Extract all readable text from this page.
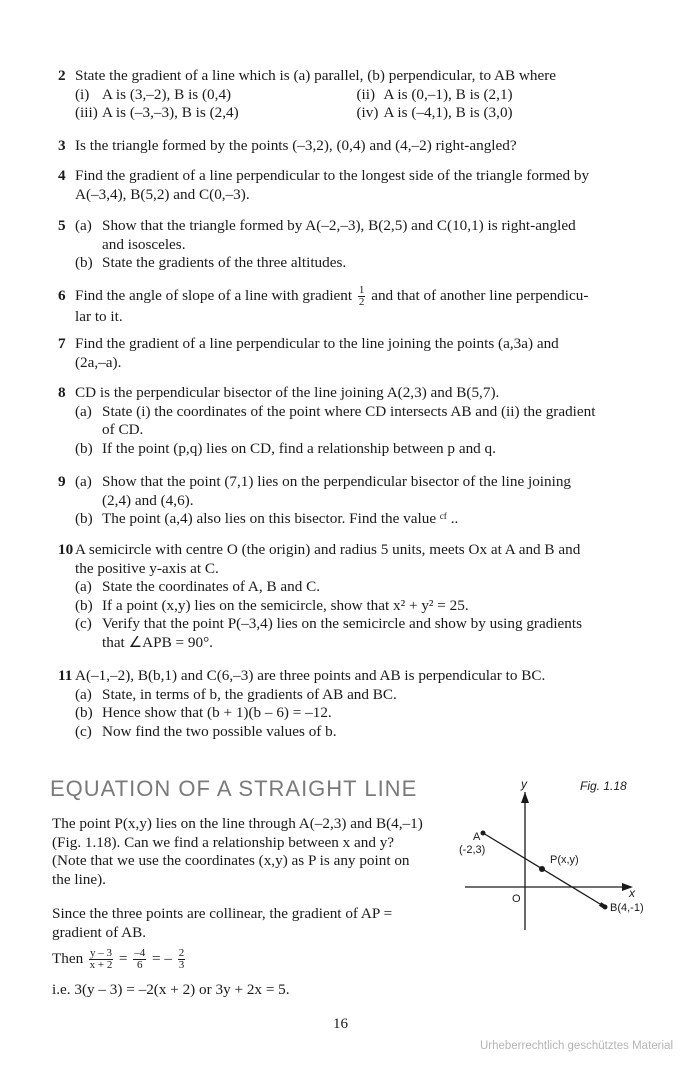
2 State the gradient of a line which is (a) parallel, (b) perpendicular, to AB where
(i) A is (3,–2), B is (0,4)	(ii) A is (0,–1), B is (2,1)
(iii) A is (–3,–3), B is (2,4)	(iv) A is (–4,1), B is (3,0)
3 Is the triangle formed by the points (–3,2), (0,4) and (4,–2) right-angled?
4 Find the gradient of a line perpendicular to the longest side of the triangle formed by
A(–3,4), B(5,2) and C(0,–3).
5 (a) Show that the triangle formed by A(–2,–3), B(2,5) and C(10,1) is right-angled
and isosceles.
(b) State the gradients of the three altitudes.
6 Find the angle of slope of a line with gradient $\frac{1}{2}$ and that of another line perpendicu-
lar to it.
7 Find the gradient of a line perpendicular to the line joining the points (a,3a) and
(2a,–a).
8 CD is the perpendicular bisector of the line joining A(2,3) and B(5,7).
(a) State (i) the coordinates of the point where CD intersects AB and (ii) the gradient
of CD.
(b) If the point (p,q) lies on CD, find a relationship between p and q.
9 (a) Show that the point (7,1) lies on the perpendicular bisector of the line joining
(2,4) and (4,6).
(b) The point (a,4) also lies on this bisector. Find the value ᶜᶠ ..
10 A semicircle with centre O (the origin) and radius 5 units, meets Ox at A and B and
the positive y-axis at C.
(a) State the coordinates of A, B and C.
(b) If a point (x,y) lies on the semicircle, show that x² + y² = 25.
(c) Verify that the point P(–3,4) lies on the semicircle and show by using gradients
that ∠APB = 90°.
11 A(–1,–2), B(b,1) and C(6,–3) are three points and AB is perpendicular to BC.
(a) State, in terms of b, the gradients of AB and BC.
(b) Hence show that (b + 1)(b – 6) = –12.
(c) Now find the two possible values of b.
EQUATION OF A STRAIGHT LINE
The point P(x,y) lies on the line through A(–2,3) and B(4,–1)
(Fig. 1.18). Can we find a relationship between x and y?
(Note that we use the coordinates (x,y) as P is any point on
the line).
Since the three points are collinear, the gradient of AP =
gradient of AB.
Then $\frac{y - 3}{x + 2} = \frac{-4}{6}$ = – $\frac{2}{3}$
i.e. 3(y – 3) = –2(x + 2) or 3y + 2x = 5.
Fig. 1.18
y
x
O
A
(-2,3)
P(x,y)
B(4,-1)
16
Urheberrechtlich geschütztes Material
